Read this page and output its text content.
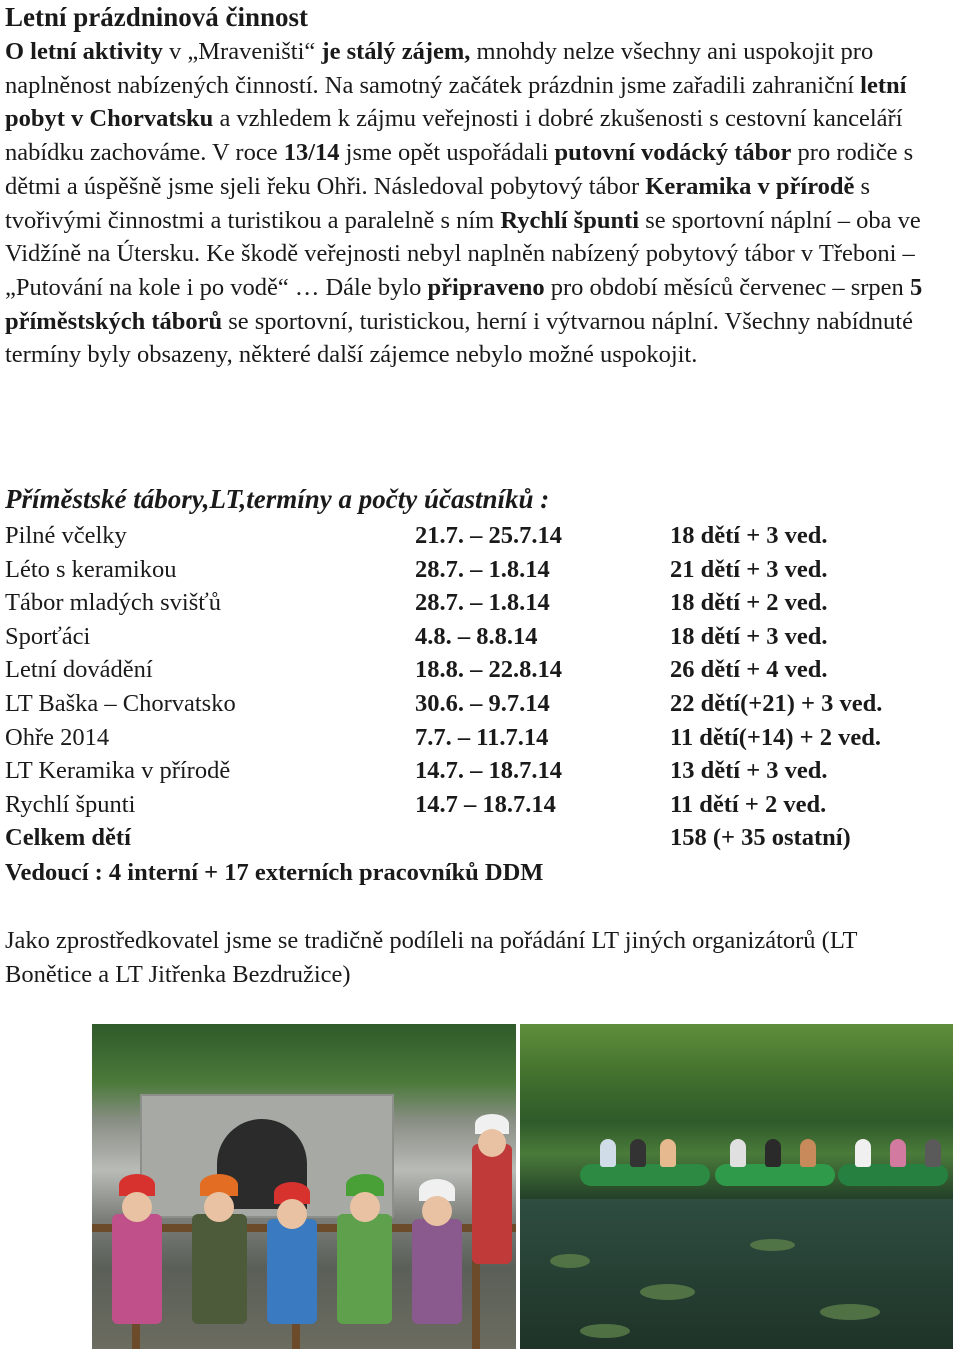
Letní prázdninová činnost

O letní aktivity v „Mraveništi“ je stálý zájem, mnohdy nelze všechny ani uspokojit pro naplněnost nabízených činností. Na samotný začátek prázdnin jsme zařadili zahraniční letní pobyt v Chorvatsku a vzhledem k zájmu veřejnosti i dobré zkušenosti s cestovní kanceláří nabídku zachováme. V roce 13/14 jsme opět uspořádali putovní vodácký tábor pro rodiče s dětmi a úspěšně jsme sjeli řeku Ohři. Následoval pobytový tábor Keramika v přírodě s tvořivými činnostmi a turistikou a paralelně s ním Rychlí špunti se sportovní náplní – oba ve Vidžíně na Útersku. Ke škodě veřejnosti nebyl naplněn nabízený pobytový tábor v Třeboni – „Putování na kole i po vodě“ … Dále bylo připraveno pro období měsíců červenec – srpen 5 příměstských táborů se sportovní, turistickou, herní i výtvarnou náplní. Všechny nabídnuté termíny byly obsazeny, některé další zájemce nebylo možné uspokojit.

Příměstské tábory,LT,termíny a počty účastníků :
Pilné včelky	21.7. – 25.7.14	18 dětí + 3 ved.
Léto s keramikou	28.7. – 1.8.14	21 dětí + 3 ved.
Tábor mladých svišťů	28.7. – 1.8.14	18 dětí + 2 ved.
Sporťáci	4.8. – 8.8.14	18 dětí + 3 ved.
Letní dovádění	18.8. – 22.8.14	26 dětí + 4 ved.
LT Baška – Chorvatsko	30.6. – 9.7.14	22 dětí(+21) + 3 ved.
Ohře 2014	7.7. – 11.7.14	11 dětí(+14) + 2 ved.
LT Keramika v přírodě	14.7. – 18.7.14	13 dětí + 3 ved.
Rychlí špunti	14.7 – 18.7.14	11 dětí + 2 ved.
Celkem dětí		158 (+ 35 ostatní)

Vedoucí : 4 interní + 17 externích pracovníků DDM

Jako zprostředkovatel jsme se tradičně podíleli na pořádání LT jiných organizátorů (LT Bonětice a LT Jitřenka Bezdružice)
